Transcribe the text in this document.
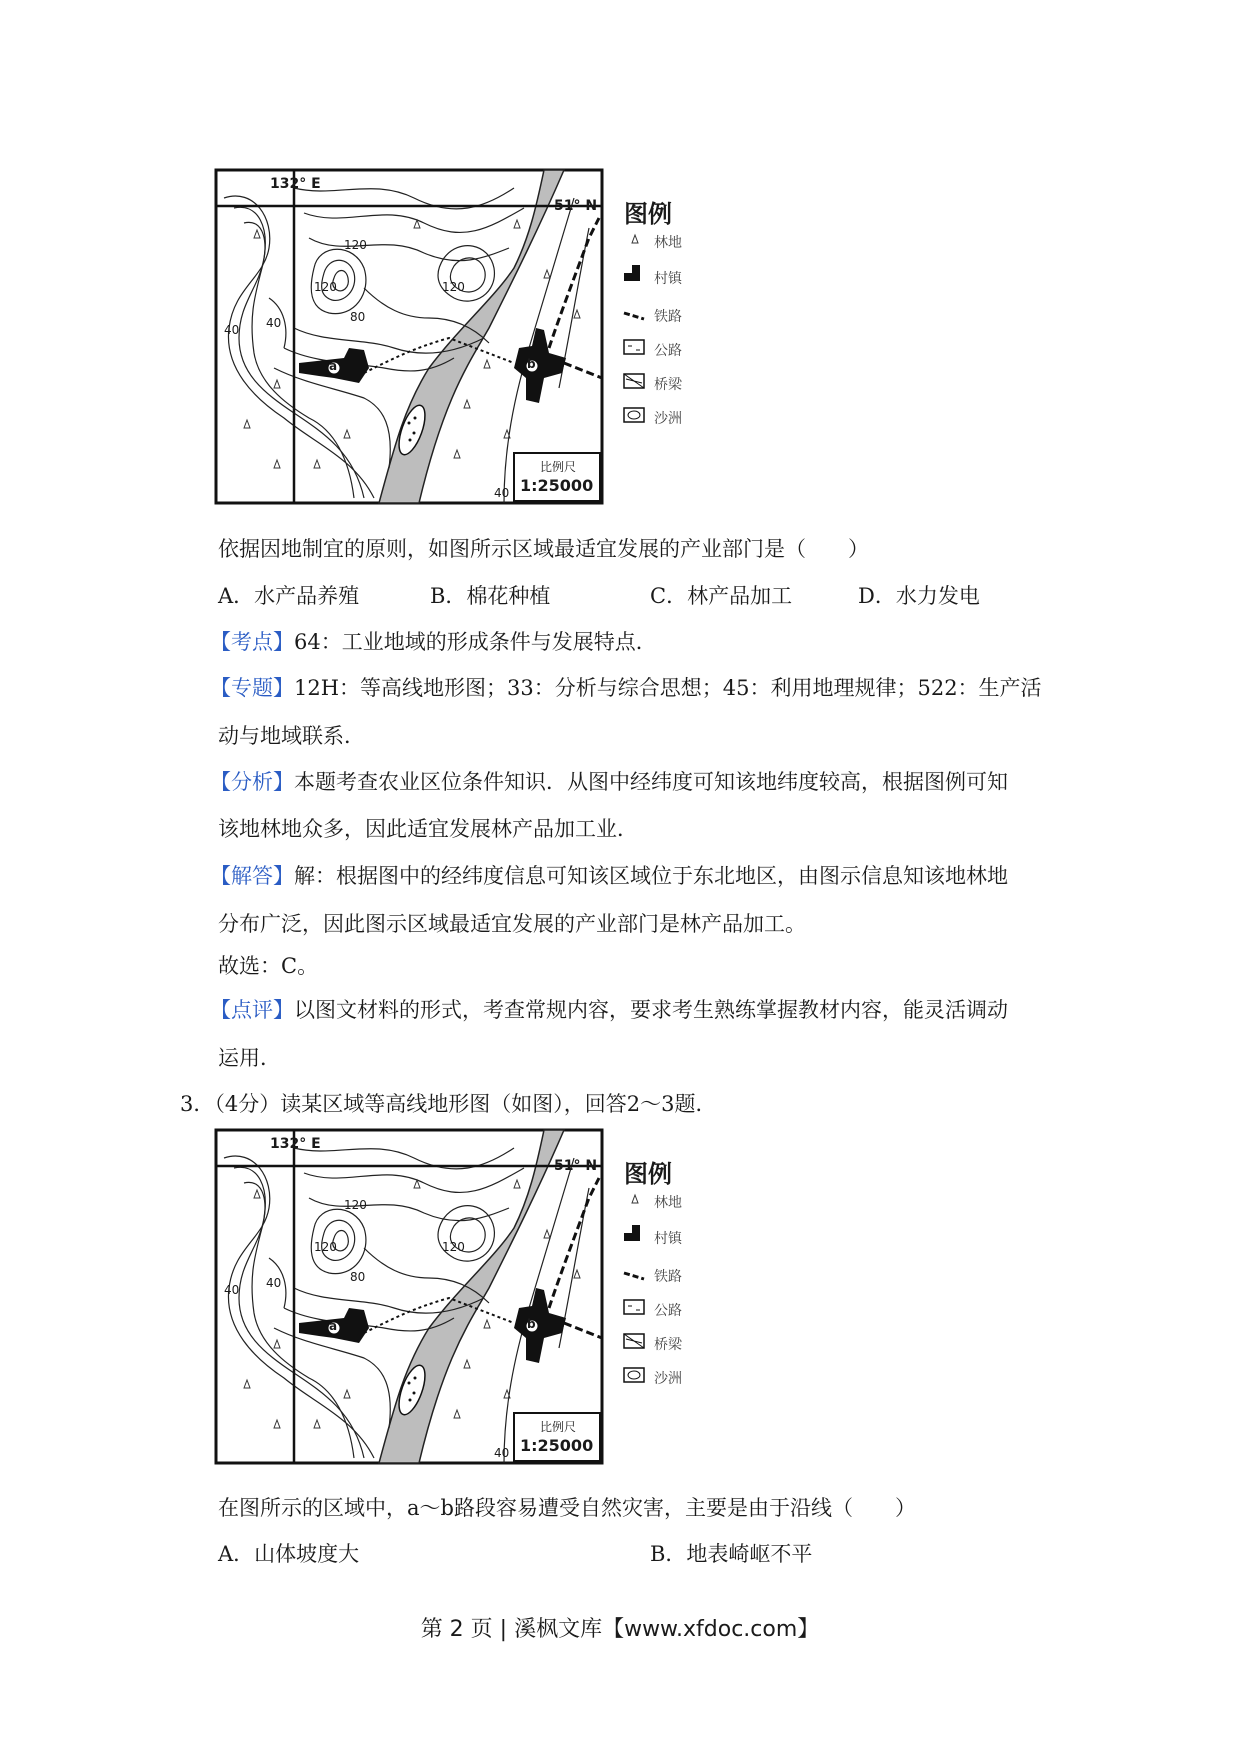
132° E
51° N
120
120	120
80
40 40
40
a	b
比例尺
1:25000
图例
林地
村镇
铁路
公路
桥梁
沙洲
依据因地制宜的原则，如图所示区域最适宜发展的产业部门是（　　）
A．水产品养殖	B．棉花种植	C．林产品加工	D．水力发电
【考点】64：工业地域的形成条件与发展特点．
【专题】12H：等高线地形图；33：分析与综合思想；45：利用地理规律；522：生产活
动与地域联系．
【分析】本题考查农业区位条件知识．从图中经纬度可知该地纬度较高，根据图例可知
该地林地众多，因此适宜发展林产品加工业．
【解答】解：根据图中的经纬度信息可知该区域位于东北地区，由图示信息知该地林地
分布广泛，因此图示区域最适宜发展的产业部门是林产品加工。
故选：C。
【点评】以图文材料的形式，考查常规内容，要求考生熟练掌握教材内容，能灵活调动
运用．
3．（4分）读某区域等高线地形图（如图），回答2～3题．
132° E
51° N
120
120	120
80
40 40
40
a	b
比例尺
1:25000
图例
林地
村镇
铁路
公路
桥梁
沙洲
在图所示的区域中，a～b路段容易遭受自然灾害，主要是由于沿线（　　）
A．山体坡度大	B．地表崎岖不平
第 2 页 | 溪枫文库【www.xfdoc.com】
